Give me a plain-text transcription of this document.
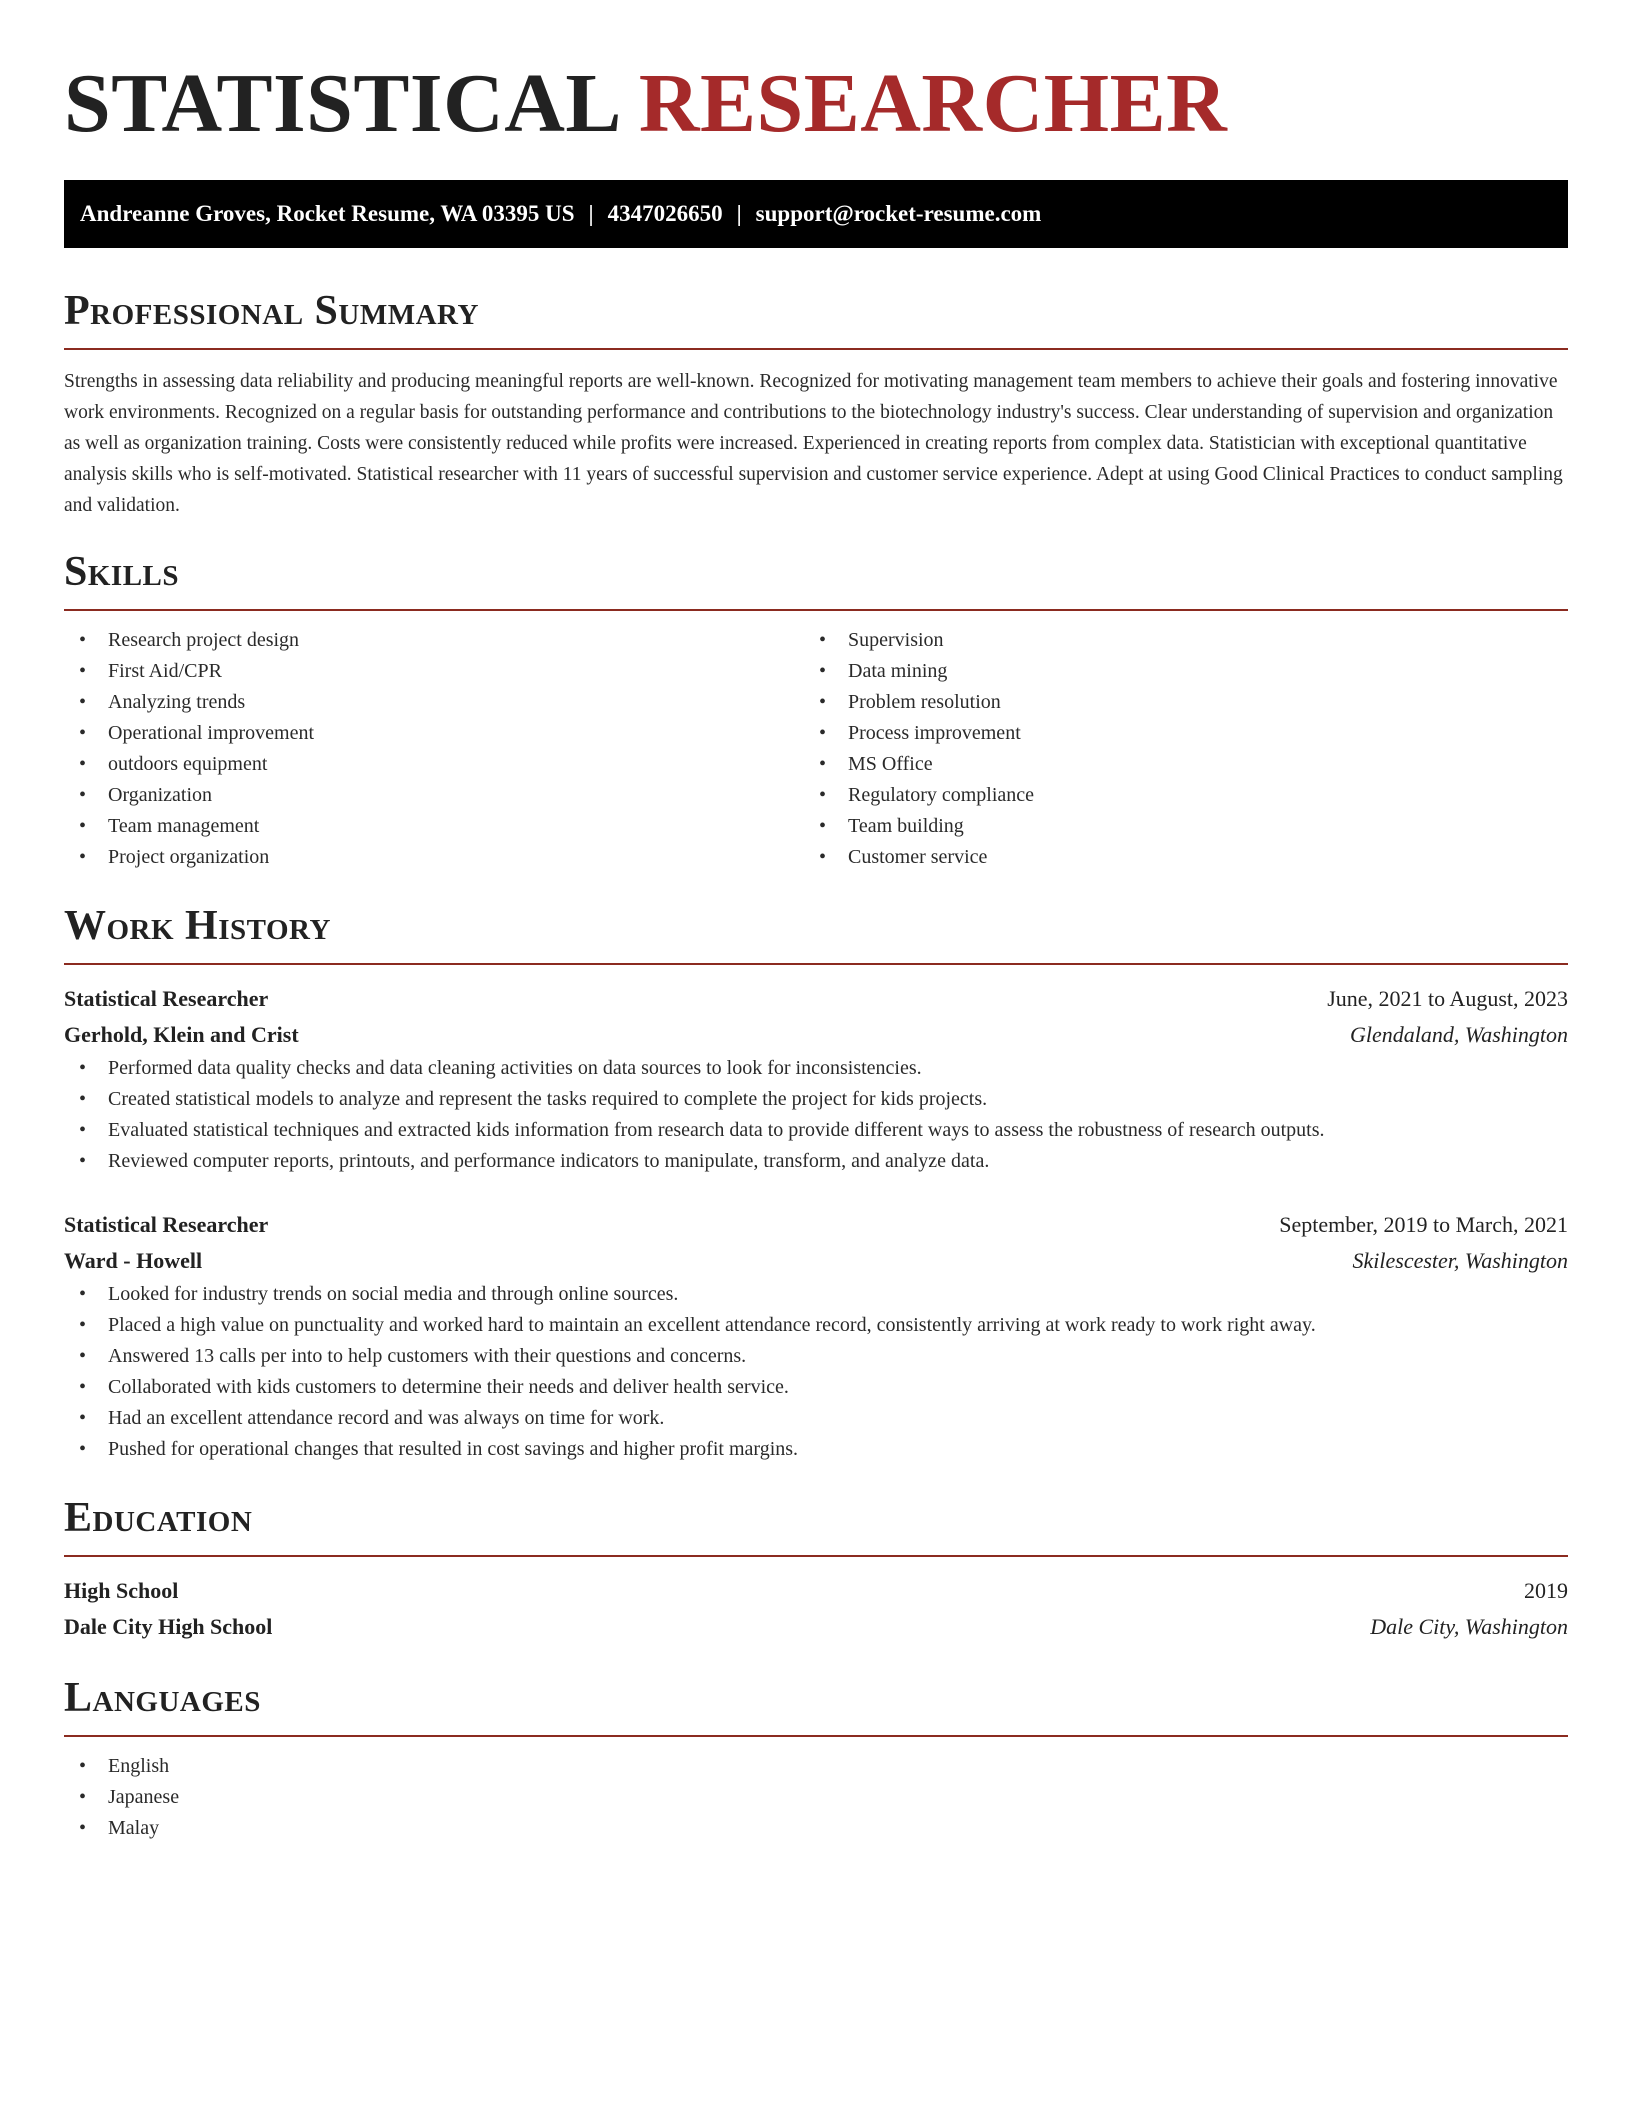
STATISTICAL RESEARCHER
Andreanne Groves, Rocket Resume, WA 03395 US | 4347026650 | support@rocket-resume.com
Professional Summary

Strengths in assessing data reliability and producing meaningful reports are well-known. Recognized for motivating management team members to achieve their goals and fostering innovative work environments. Recognized on a regular basis for outstanding performance and contributions to the biotechnology industry's success. Clear understanding of supervision and organization as well as organization training. Costs were consistently reduced while profits were increased. Experienced in creating reports from complex data. Statistician with exceptional quantitative analysis skills who is self-motivated. Statistical researcher with 11 years of successful supervision and customer service experience. Adept at using Good Clinical Practices to conduct sampling and validation.

Skills
• Research project design
• First Aid/CPR
• Analyzing trends
• Operational improvement
• outdoors equipment
• Organization
• Team management
• Project organization
• Supervision
• Data mining
• Problem resolution
• Process improvement
• MS Office
• Regulatory compliance
• Team building
• Customer service
Work History
Statistical Researcher	June, 2021 to August, 2023
Gerhold, Klein and Crist	Glendaland, Washington
• Performed data quality checks and data cleaning activities on data sources to look for inconsistencies.
• Created statistical models to analyze and represent the tasks required to complete the project for kids projects.
• Evaluated statistical techniques and extracted kids information from research data to provide different ways to assess the robustness of research outputs.
• Reviewed computer reports, printouts, and performance indicators to manipulate, transform, and analyze data.
Statistical Researcher	September, 2019 to March, 2021
Ward - Howell	Skilescester, Washington
• Looked for industry trends on social media and through online sources.
• Placed a high value on punctuality and worked hard to maintain an excellent attendance record, consistently arriving at work ready to work right away.
• Answered 13 calls per into to help customers with their questions and concerns.
• Collaborated with kids customers to determine their needs and deliver health service.
• Had an excellent attendance record and was always on time for work.
• Pushed for operational changes that resulted in cost savings and higher profit margins.
Education
High School	2019
Dale City High School	Dale City, Washington
Languages
• English
• Japanese
• Malay
